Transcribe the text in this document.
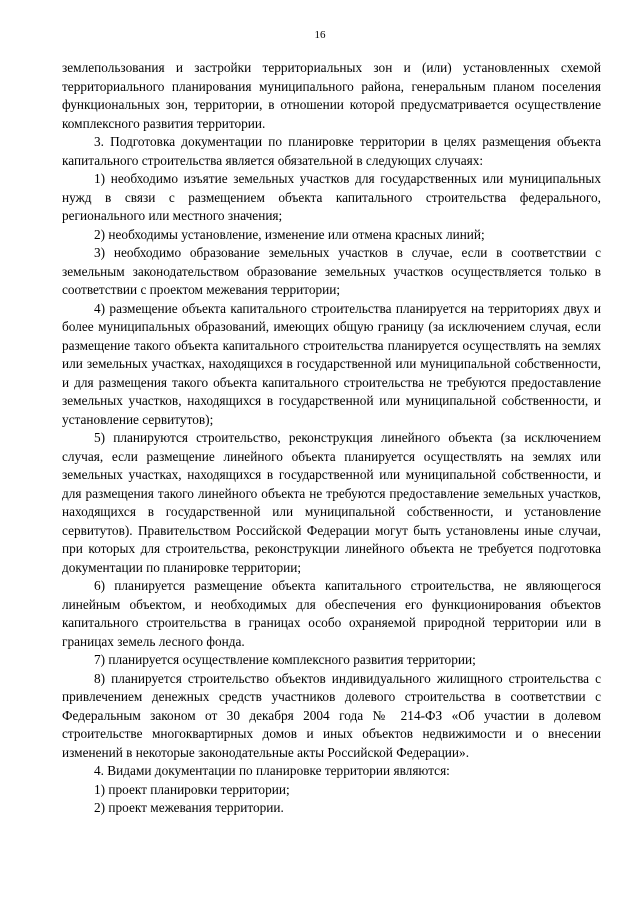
16

землепользования и застройки территориальных зон и (или) установленных схемой территориального планирования муниципального района, генеральным планом поселения функциональных зон, территории, в отношении которой предусматривается осуществление комплексного развития территории.

3. Подготовка документации по планировке территории в целях размещения объекта капитального строительства является обязательной в следующих случаях:

1) необходимо изъятие земельных участков для государственных или муниципальных нужд в связи с размещением объекта капитального строительства федерального, регионального или местного значения;

2) необходимы установление, изменение или отмена красных линий;

3) необходимо образование земельных участков в случае, если в соответствии с земельным законодательством образование земельных участков осуществляется только в соответствии с проектом межевания территории;

4) размещение объекта капитального строительства планируется на территориях двух и более муниципальных образований, имеющих общую границу (за исключением случая, если размещение такого объекта капитального строительства планируется осуществлять на землях или земельных участках, находящихся в государственной или муниципальной собственности, и для размещения такого объекта капитального строительства не требуются предоставление земельных участков, находящихся в государственной или муниципальной собственности, и установление сервитутов);

5) планируются строительство, реконструкция линейного объекта (за исключением случая, если размещение линейного объекта планируется осуществлять на землях или земельных участках, находящихся в государственной или муниципальной собственности, и для размещения такого линейного объекта не требуются предоставление земельных участков, находящихся в государственной или муниципальной собственности, и установление сервитутов). Правительством Российской Федерации могут быть установлены иные случаи, при которых для строительства, реконструкции линейного объекта не требуется подготовка документации по планировке территории;

6) планируется размещение объекта капитального строительства, не являющегося линейным объектом, и необходимых для обеспечения его функционирования объектов капитального строительства в границах особо охраняемой природной территории или в границах земель лесного фонда.

7) планируется осуществление комплексного развития территории;

8) планируется строительство объектов индивидуального жилищного строительства с привлечением денежных средств участников долевого строительства в соответствии с Федеральным законом от 30 декабря 2004 года № 214-ФЗ «Об участии в долевом строительстве многоквартирных домов и иных объектов недвижимости и о внесении изменений в некоторые законодательные акты Российской Федерации».

4. Видами документации по планировке территории являются:

1) проект планировки территории;

2) проект межевания территории.
